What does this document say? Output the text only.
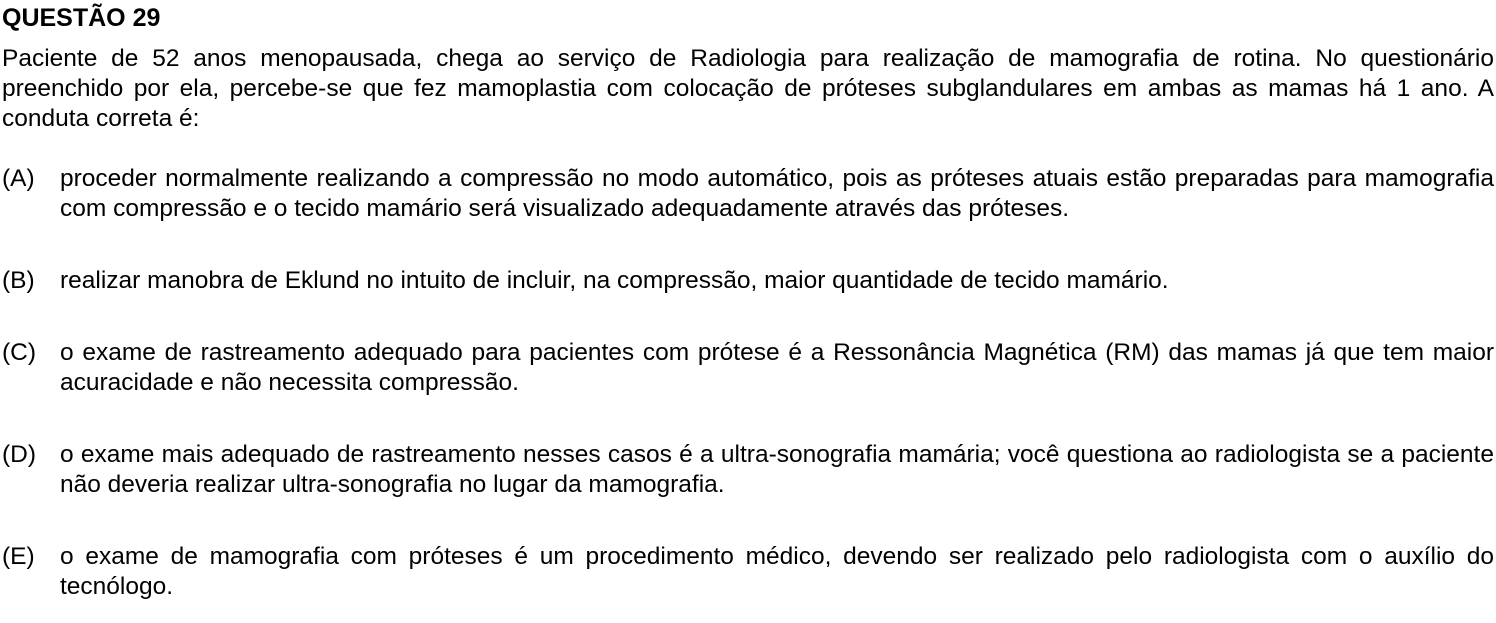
QUESTÃO 29

Paciente de 52 anos menopausada, chega ao serviço de Radiologia para realização de mamografia de rotina. No questionário preenchido por ela, percebe-se que fez mamoplastia com colocação de próteses subglandulares em ambas as mamas há 1 ano. A conduta correta é:

(A)	proceder normalmente realizando a compressão no modo automático, pois as próteses atuais estão preparadas para mamografia com compressão e o tecido mamário será visualizado adequadamente através das próteses.
(B)	realizar manobra de Eklund no intuito de incluir, na compressão, maior quantidade de tecido mamário.
(C) o exame de rastreamento adequado para pacientes com prótese é a Ressonância Magnética (RM) das mamas já que tem maior acuracidade e não necessita compressão.
(D) o exame mais adequado de rastreamento nesses casos é a ultra-sonografia mamária; você questiona ao radiologista se a paciente não deveria realizar ultra-sonografia no lugar da mamografia.
(E)	o exame de mamografia com próteses é um procedimento médico, devendo ser realizado pelo radiologista com o auxílio do tecnólogo.
